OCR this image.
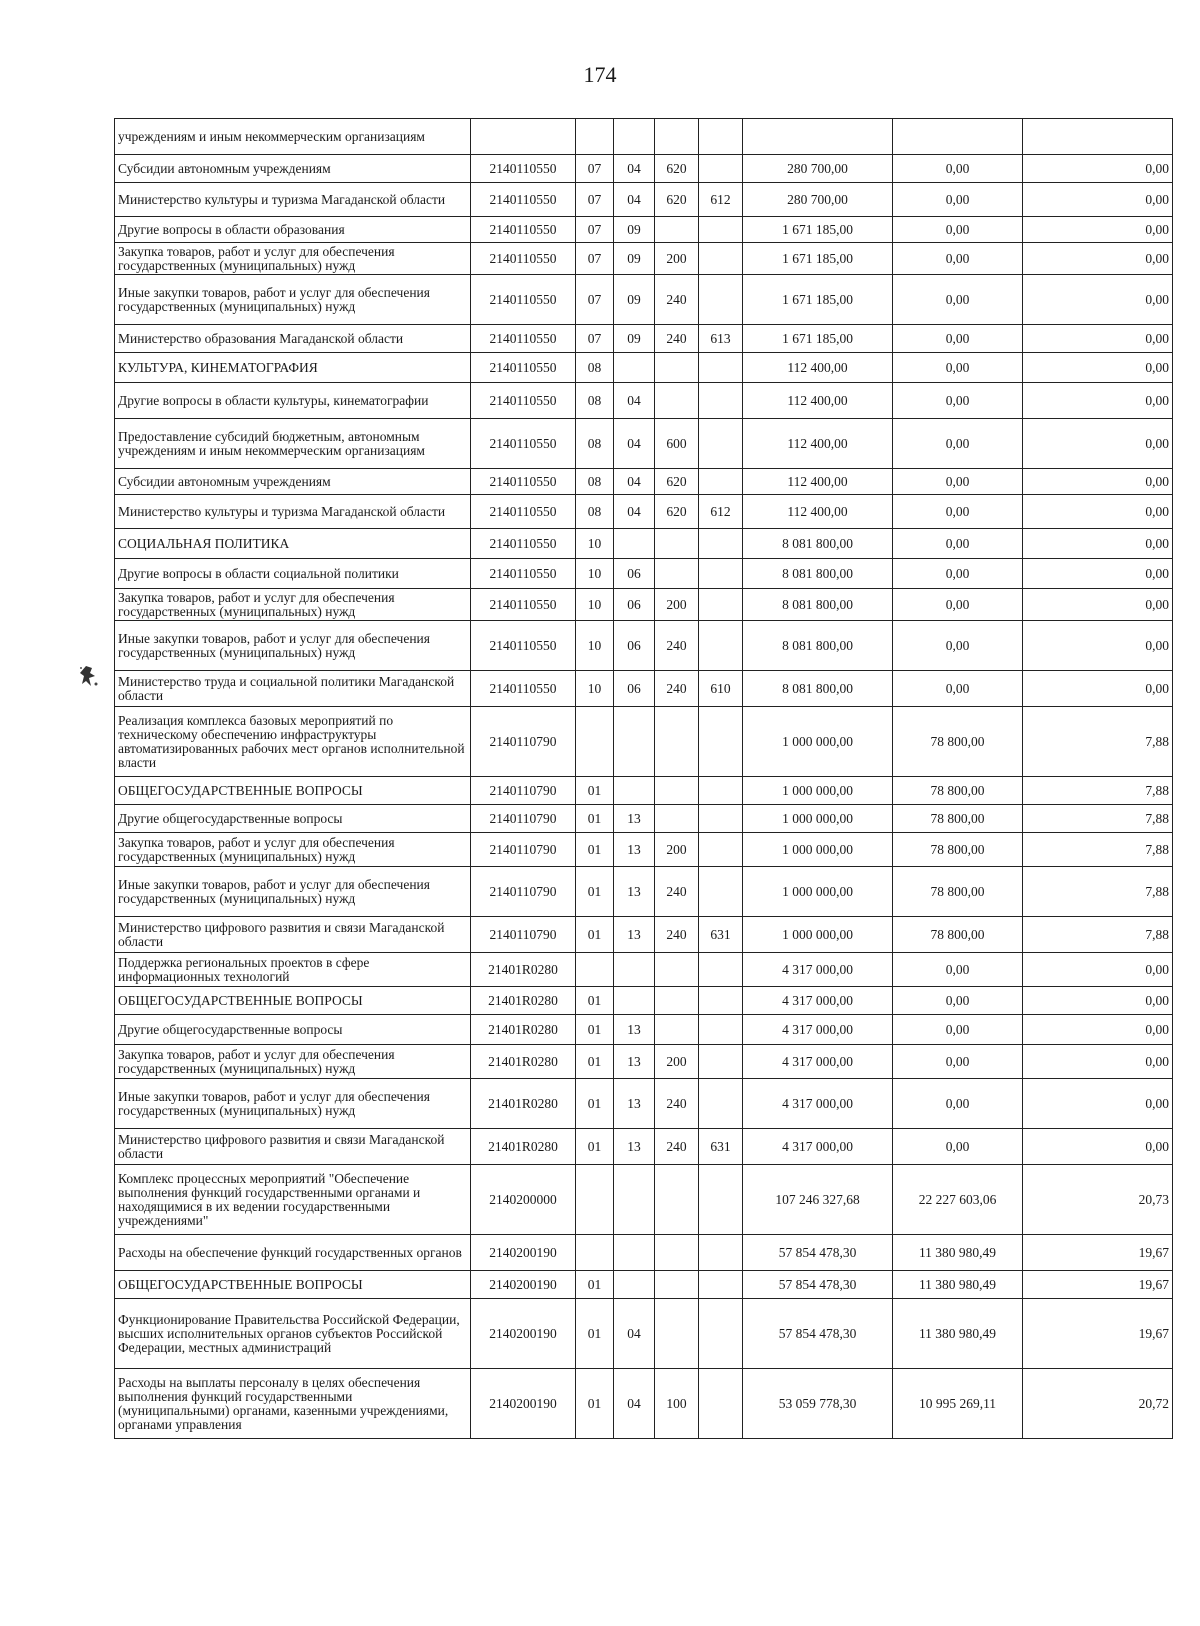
174
учреждениям и иным некоммерческим организациям								
Субсидии автономным учреждениям	2140110550	07	04	620		280 700,00	0,00	0,00
Министерство культуры и туризма Магаданской области	2140110550	07	04	620	612	280 700,00	0,00	0,00
Другие вопросы в области образования	2140110550	07	09			1 671 185,00	0,00	0,00
Закупка товаров, работ и услуг для обеспечения государственных (муниципальных) нужд	2140110550	07	09	200		1 671 185,00	0,00	0,00
Иные закупки товаров, работ и услуг для обеспечения государственных (муниципальных) нужд	2140110550	07	09	240		1 671 185,00	0,00	0,00
Министерство образования Магаданской области	2140110550	07	09	240	613	1 671 185,00	0,00	0,00
КУЛЬТУРА, КИНЕМАТОГРАФИЯ	2140110550	08				112 400,00	0,00	0,00
Другие вопросы в области культуры, кинематографии	2140110550	08	04			112 400,00	0,00	0,00
Предоставление субсидий бюджетным, автономным учреждениям и иным некоммерческим организациям	2140110550	08	04	600		112 400,00	0,00	0,00
Субсидии автономным учреждениям	2140110550	08	04	620		112 400,00	0,00	0,00
Министерство культуры и туризма Магаданской области	2140110550	08	04	620	612	112 400,00	0,00	0,00
СОЦИАЛЬНАЯ ПОЛИТИКА	2140110550	10				8 081 800,00	0,00	0,00
Другие вопросы в области социальной политики	2140110550	10	06			8 081 800,00	0,00	0,00
Закупка товаров, работ и услуг для обеспечения государственных (муниципальных) нужд	2140110550	10	06	200		8 081 800,00	0,00	0,00
Иные закупки товаров, работ и услуг для обеспечения государственных (муниципальных) нужд	2140110550	10	06	240		8 081 800,00	0,00	0,00
Министерство труда и социальной политики Магаданской области	2140110550	10	06	240	610	8 081 800,00	0,00	0,00
Реализация комплекса базовых мероприятий по техническому обеспечению инфраструктуры автоматизированных рабочих мест органов исполнительной власти	2140110790					1 000 000,00	78 800,00	7,88
ОБЩЕГОСУДАРСТВЕННЫЕ ВОПРОСЫ	2140110790	01				1 000 000,00	78 800,00	7,88
Другие общегосударственные вопросы	2140110790	01	13			1 000 000,00	78 800,00	7,88
Закупка товаров, работ и услуг для обеспечения государственных (муниципальных) нужд	2140110790	01	13	200		1 000 000,00	78 800,00	7,88
Иные закупки товаров, работ и услуг для обеспечения государственных (муниципальных) нужд	2140110790	01	13	240		1 000 000,00	78 800,00	7,88
Министерство цифрового развития и связи Магаданской области	2140110790	01	13	240	631	1 000 000,00	78 800,00	7,88
Поддержка региональных проектов в сфере информационных технологий	21401R0280					4 317 000,00	0,00	0,00
ОБЩЕГОСУДАРСТВЕННЫЕ ВОПРОСЫ	21401R0280	01				4 317 000,00	0,00	0,00
Другие общегосударственные вопросы	21401R0280	01	13			4 317 000,00	0,00	0,00
Закупка товаров, работ и услуг для обеспечения государственных (муниципальных) нужд	21401R0280	01	13	200		4 317 000,00	0,00	0,00
Иные закупки товаров, работ и услуг для обеспечения государственных (муниципальных) нужд	21401R0280	01	13	240		4 317 000,00	0,00	0,00
Министерство цифрового развития и связи Магаданской области	21401R0280	01	13	240	631	4 317 000,00	0,00	0,00
Комплекс процессных мероприятий "Обеспечение выполнения функций государственными органами и находящимися в их ведении государственными учреждениями"	2140200000					107 246 327,68	22 227 603,06	20,73
Расходы на обеспечение функций государственных органов	2140200190					57 854 478,30	11 380 980,49	19,67
ОБЩЕГОСУДАРСТВЕННЫЕ ВОПРОСЫ	2140200190	01				57 854 478,30	11 380 980,49	19,67
Функционирование Правительства Российской Федерации, высших исполнительных органов субъектов Российской Федерации, местных администраций	2140200190	01	04			57 854 478,30	11 380 980,49	19,67
Расходы на выплаты персоналу в целях обеспечения выполнения функций государственными (муниципальными) органами, казенными учреждениями, органами управления	2140200190	01	04	100		53 059 778,30	10 995 269,11	20,72
